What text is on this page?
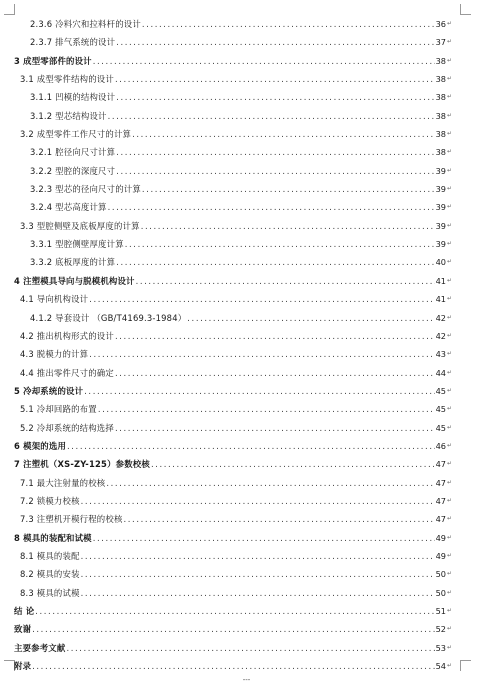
2.3.6 冷料穴和拉料杆的设计 .....	36 ↵
2.3.7 排气系统的设计 .....	37 ↵
3 成型零部件的设计 .....	38 ↵
3.1 成型零件结构的设计 .....	38 ↵
3.1.1 凹模的结构设计 .....	38 ↵
3.1.2 型芯结构设计 .....	38 ↵
3.2 成型零件工作尺寸的计算 .....	38 ↵
3.2.1 腔径向尺寸计算 .....	38 ↵
3.2.2 型腔的深度尺寸 .....	39 ↵
3.2.3 型芯的径向尺寸的计算 .....	39 ↵
3.2.4 型芯高度计算 .....	39 ↵
3.3 型腔侧壁及底板厚度的计算 .....	39 ↵
3.3.1 型腔侧壁厚度计算 .....	39 ↵
3.3.2 底板厚度的计算 .....	40 ↵
4 注塑模具导向与脱模机构设计 .....	41 ↵
4.1 导向机构设计 .....	41 ↵
4.1.2 导套设计 （GB/T4169.3-1984） .....	42 ↵
4.2 推出机构形式的设计 .....	42 ↵
4.3 脱模力的计算 .....	43 ↵
4.4 推出零件尺寸的确定 .....	44 ↵
5 冷却系统的设计 .....	45 ↵
5.1 冷却回路的布置 .....	45 ↵
5.2 冷却系统的结构选择 .....	45 ↵
6 模架的选用 .....	46 ↵
7 注塑机（XS-ZY-125）参数校核 .....	47 ↵
7.1 最大注射量的校核 .....	47 ↵
7.2 锁模力校核 .....	47 ↵
7.3 注塑机开模行程的校核 .....	47 ↵
8 模具的装配和试模 .....	49 ↵
8.1 模具的装配 .....	49 ↵
8.2 模具的安装 .....	50 ↵
8.3 模具的试模 .....	50 ↵
结 论 .....	51 ↵
致谢 .....	52 ↵
主要参考文献 .....	53 ↵
附录 .....	54 ↵
---
